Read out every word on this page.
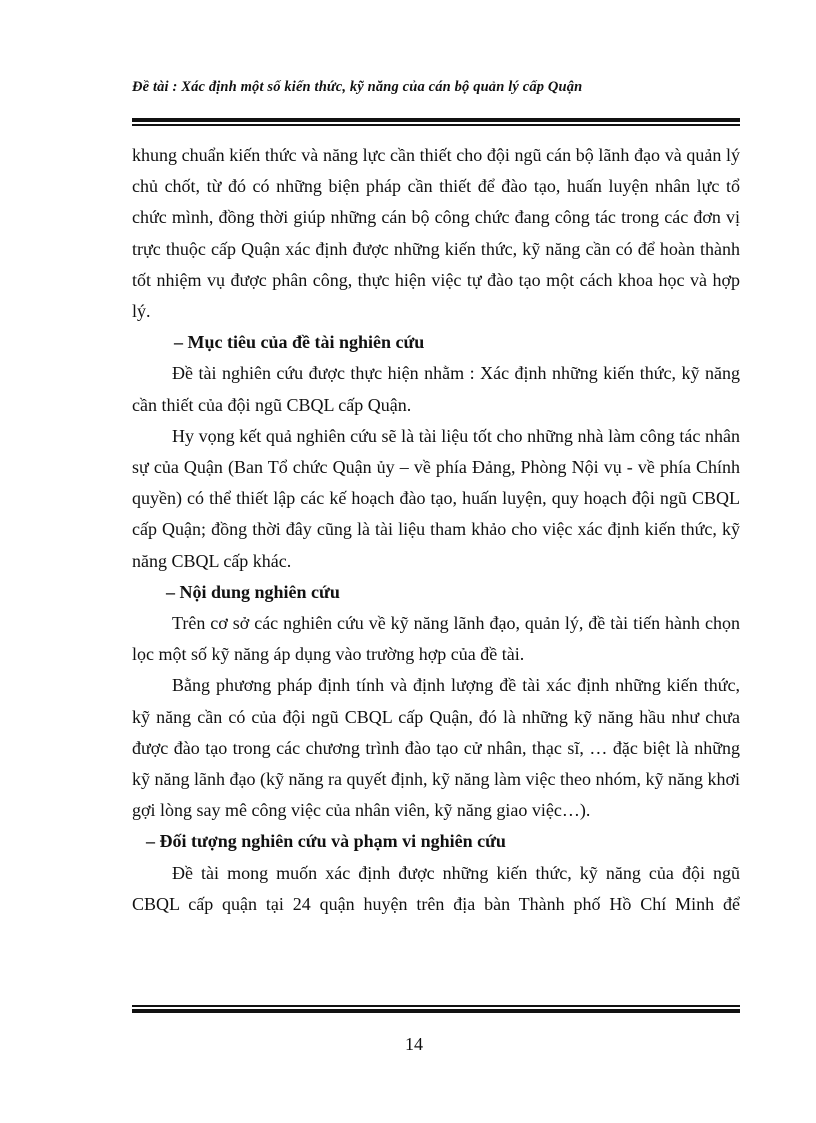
Đề tài : Xác định một số kiến thức, kỹ năng của cán bộ quản lý cấp Quận

khung chuẩn kiến thức và năng lực cần thiết cho đội ngũ cán bộ lãnh đạo và quản lý chủ chốt, từ đó có những biện pháp cần thiết để đào tạo, huấn luyện nhân lực tổ chức mình, đồng thời giúp những cán bộ công chức đang công tác trong các đơn vị trực thuộc cấp Quận xác định được những kiến thức, kỹ năng cần có để hoàn thành tốt nhiệm vụ được phân công, thực hiện việc tự đào tạo một cách khoa học và hợp lý.

– Mục tiêu của đề tài nghiên cứu

Đề tài nghiên cứu được thực hiện nhằm : Xác định những kiến thức, kỹ năng cần thiết của đội ngũ CBQL cấp Quận.

Hy vọng kết quả nghiên cứu sẽ là tài liệu tốt cho những nhà làm công tác nhân sự của Quận (Ban Tổ chức Quận ủy – về phía Đảng, Phòng Nội vụ - về phía Chính quyền) có thể thiết lập các kế hoạch đào tạo, huấn luyện, quy hoạch đội ngũ CBQL cấp Quận; đồng thời đây cũng là tài liệu tham khảo cho việc xác định kiến thức, kỹ năng CBQL cấp khác.

– Nội dung nghiên cứu

Trên cơ sở các nghiên cứu về kỹ năng lãnh đạo, quản lý, đề tài tiến hành chọn lọc một số kỹ năng áp dụng vào trường hợp của đề tài.

Bằng phương pháp định tính và định lượng đề tài xác định những kiến thức, kỹ năng cần có của đội ngũ CBQL cấp Quận, đó là những kỹ năng hầu như chưa được đào tạo trong các chương trình đào tạo cử nhân, thạc sĩ, … đặc biệt là những kỹ năng lãnh đạo (kỹ năng ra quyết định, kỹ năng làm việc theo nhóm, kỹ năng khơi gợi lòng say mê công việc của nhân viên, kỹ năng giao việc…).

– Đối tượng nghiên cứu và phạm vi nghiên cứu

Đề tài mong muốn xác định được những kiến thức, kỹ năng của đội ngũ CBQL cấp quận tại 24 quận huyện trên địa bàn Thành phố Hồ Chí Minh để

14
